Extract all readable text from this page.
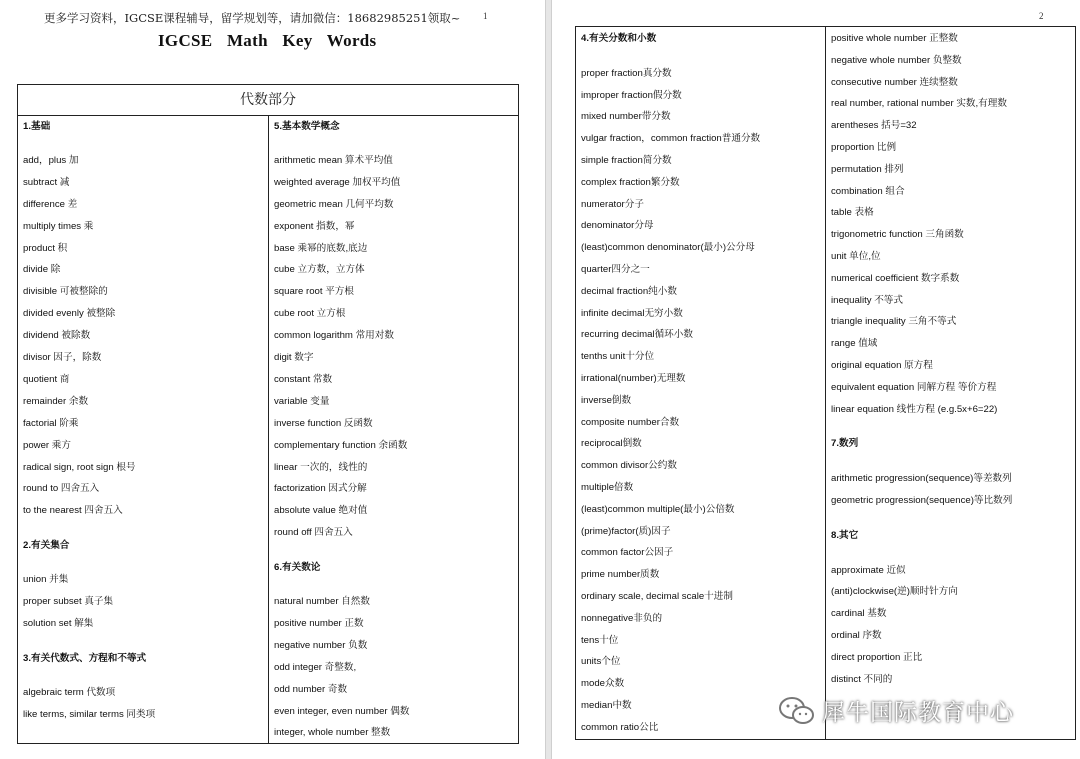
更多学习资料，IGCSE课程辅导，留学规划等，请加微信：18682985251领取~	1
IGCSE Math Key Words
代数部分
1.基础
add，plus 加
subtract 减
difference 差
multiply times 乘
product 积
divide 除
divisible 可被整除的
divided evenly 被整除
dividend 被除数
divisor 因子，除数
quotient 商
remainder 余数
factorial 阶乘
power 乘方
radical sign, root sign 根号
round to 四舍五入
to the nearest 四舍五入
2.有关集合
union 并集
proper subset 真子集
solution set 解集
3.有关代数式、方程和不等式
algebraic term 代数项
like terms, similar terms 同类项
5.基本数学概念
arithmetic mean 算术平均值
weighted average 加权平均值
geometric mean 几何平均数
exponent 指数，幂
base 乘幂的底数,底边
cube 立方数，立方体
square root 平方根
cube root 立方根
common logarithm 常用对数
digit 数字
constant 常数
variable 变量
inverse function 反函数
complementary function 余函数
linear 一次的，线性的
factorization 因式分解
absolute value 绝对值
round off 四舍五入
6.有关数论
natural number 自然数
positive number 正数
negative number 负数
odd integer 奇整数,
odd number 奇数
even integer, even number 偶数
integer, whole number 整数
2
4.有关分数和小数
proper fraction真分数
improper fraction假分数
mixed number带分数
vulgar fraction，common fraction普通分数
simple fraction简分数
complex fraction繁分数
numerator分子
denominator分母
(least)common denominator(最小)公分母
quarter四分之一
decimal fraction纯小数
infinite decimal无穷小数
recurring decimal循环小数
tenths unit十分位
irrational(number)无理数
inverse倒数
composite number合数
reciprocal倒数
common divisor公约数
multiple倍数
(least)common multiple(最小)公倍数
(prime)factor(质)因子
common factor公因子
prime number质数
ordinary scale, decimal scale十进制
nonnegative非负的
tens十位
units个位
mode众数
median中数
common ratio公比
positive whole number 正整数
negative whole number 负整数
consecutive number 连续整数
real number, rational number 实数,有理数
arentheses 括号=32
proportion 比例
permutation 排列
combination 组合
table 表格
trigonometric function 三角函数
unit 单位,位
numerical coefficient 数字系数
inequality 不等式
triangle inequality 三角不等式
range 值域
original equation 原方程
equivalent equation 同解方程 等价方程
linear equation 线性方程 (e.g.5x+6=22)
7.数列
arithmetic progression(sequence)等差数列
geometric progression(sequence)等比数列
8.其它
approximate 近似
(anti)clockwise(逆)顺时针方向
cardinal 基数
ordinal 序数
direct proportion 正比
distinct 不同的
犀牛国际教育中心
